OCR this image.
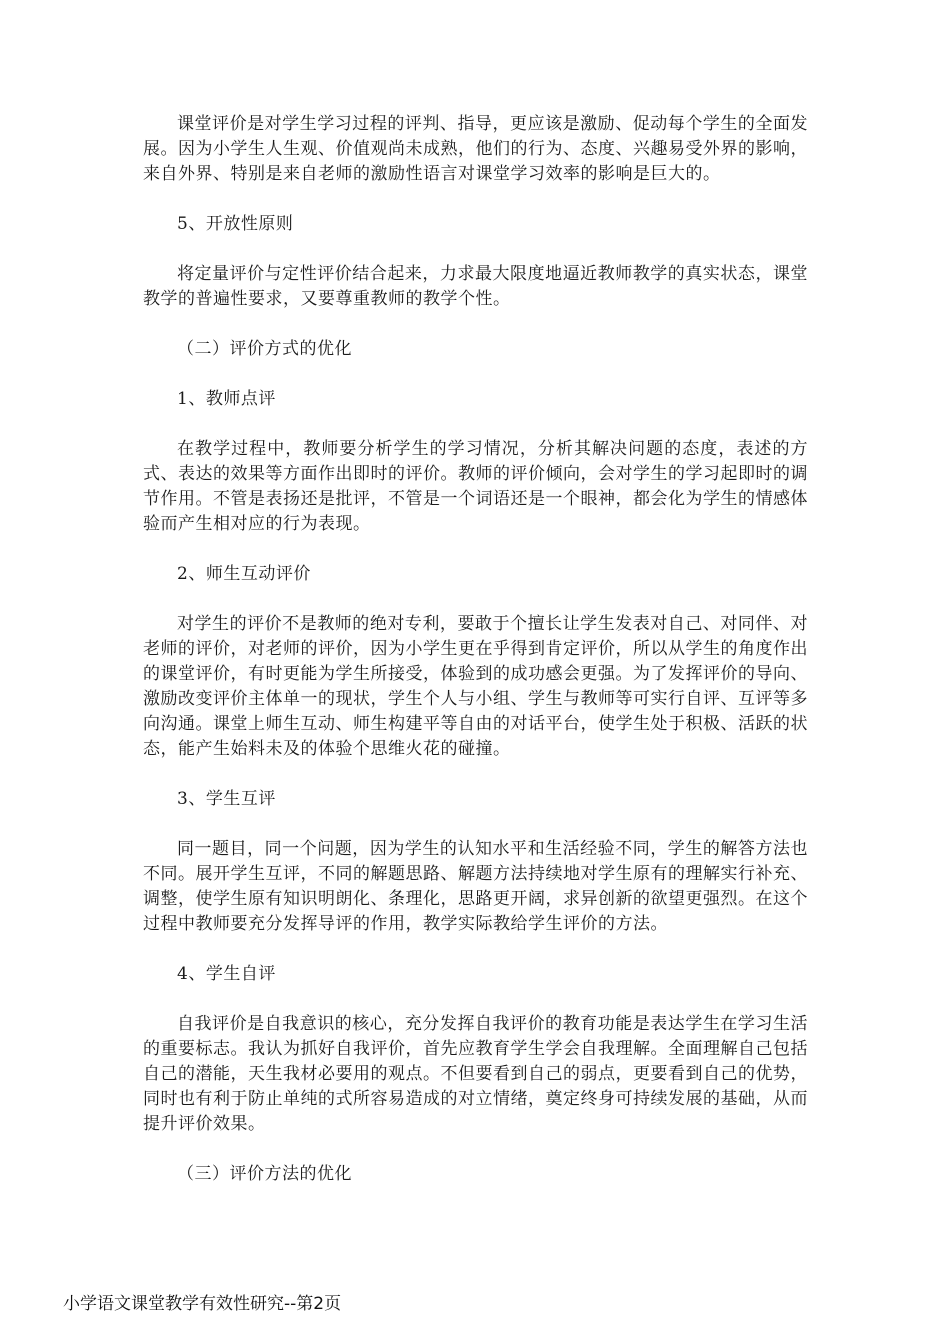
课堂评价是对学生学习过程的评判、指导，更应该是激励、促动每个学生的全面发展。因为小学生人生观、价值观尚未成熟，他们的行为、态度、兴趣易受外界的影响，来自外界、特别是来自老师的激励性语言对课堂学习效率的影响是巨大的。

5、开放性原则

将定量评价与定性评价结合起来，力求最大限度地逼近教师教学的真实状态，课堂教学的普遍性要求，又要尊重教师的教学个性。

（二）评价方式的优化

1、教师点评

在教学过程中，教师要分析学生的学习情况，分析其解决问题的态度，表述的方式、表达的效果等方面作出即时的评价。教师的评价倾向，会对学生的学习起即时的调节作用。不管是表扬还是批评，不管是一个词语还是一个眼神，都会化为学生的情感体验而产生相对应的行为表现。

2、师生互动评价

对学生的评价不是教师的绝对专利，要敢于个擅长让学生发表对自己、对同伴、对老师的评价，对老师的评价，因为小学生更在乎得到肯定评价，所以从学生的角度作出的课堂评价，有时更能为学生所接受，体验到的成功感会更强。为了发挥评价的导向、激励改变评价主体单一的现状，学生个人与小组、学生与教师等可实行自评、互评等多向沟通。课堂上师生互动、师生构建平等自由的对话平台，使学生处于积极、活跃的状态，能产生始料未及的体验个思维火花的碰撞。

3、学生互评

同一题目，同一个问题，因为学生的认知水平和生活经验不同，学生的解答方法也不同。展开学生互评，不同的解题思路、解题方法持续地对学生原有的理解实行补充、调整，使学生原有知识明朗化、条理化，思路更开阔，求异创新的欲望更强烈。在这个过程中教师要充分发挥导评的作用，教学实际教给学生评价的方法。

4、学生自评

自我评价是自我意识的核心，充分发挥自我评价的教育功能是表达学生在学习生活的重要标志。我认为抓好自我评价，首先应教育学生学会自我理解。全面理解自己包括自己的潜能，天生我材必要用的观点。不但要看到自己的弱点，更要看到自己的优势，同时也有利于防止单纯的式所容易造成的对立情绪，奠定终身可持续发展的基础，从而提升评价效果。

（三）评价方法的优化

小学语文课堂教学有效性研究--第2页
